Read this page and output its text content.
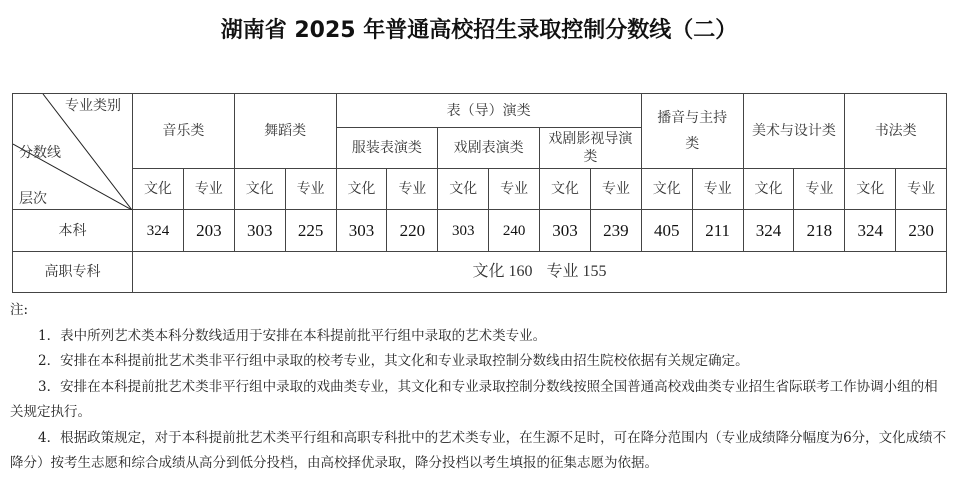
湖南省 2025 年普通高校招生录取控制分数线（二）
专业类别
分数线
层次	音乐类		舞蹈类		表（导）演类						播音与主持类		美术与设计类		书法类	
					服装表演类		戏剧表演类		戏剧影视导演类							

	文化	专业	文化	专业	文化	专业	文化	专业	文化	专业	文化	专业	文化	专业	文化	专业
本科	324	203	303	225	303	220	303	240	303	239	405	211	324	218	324	230
高职专科	文化 160  专业 155															

注:

1．表中所列艺术类本科分数线适用于安排在本科提前批平行组中录取的艺术类专业。

2．安排在本科提前批艺术类非平行组中录取的校考专业，其文化和专业录取控制分数线由招生院校依据有关规定确定。

3．安排在本科提前批艺术类非平行组中录取的戏曲类专业，其文化和专业录取控制分数线按照全国普通高校戏曲类专业招生省际联考工作协调小组的相关规定执行。

4．根据政策规定，对于本科提前批艺术类平行组和高职专科批中的艺术类专业，在生源不足时，可在降分范围内（专业成绩降分幅度为6分，文化成绩不降分）按考生志愿和综合成绩从高分到低分投档，由高校择优录取，降分投档以考生填报的征集志愿为依据。
